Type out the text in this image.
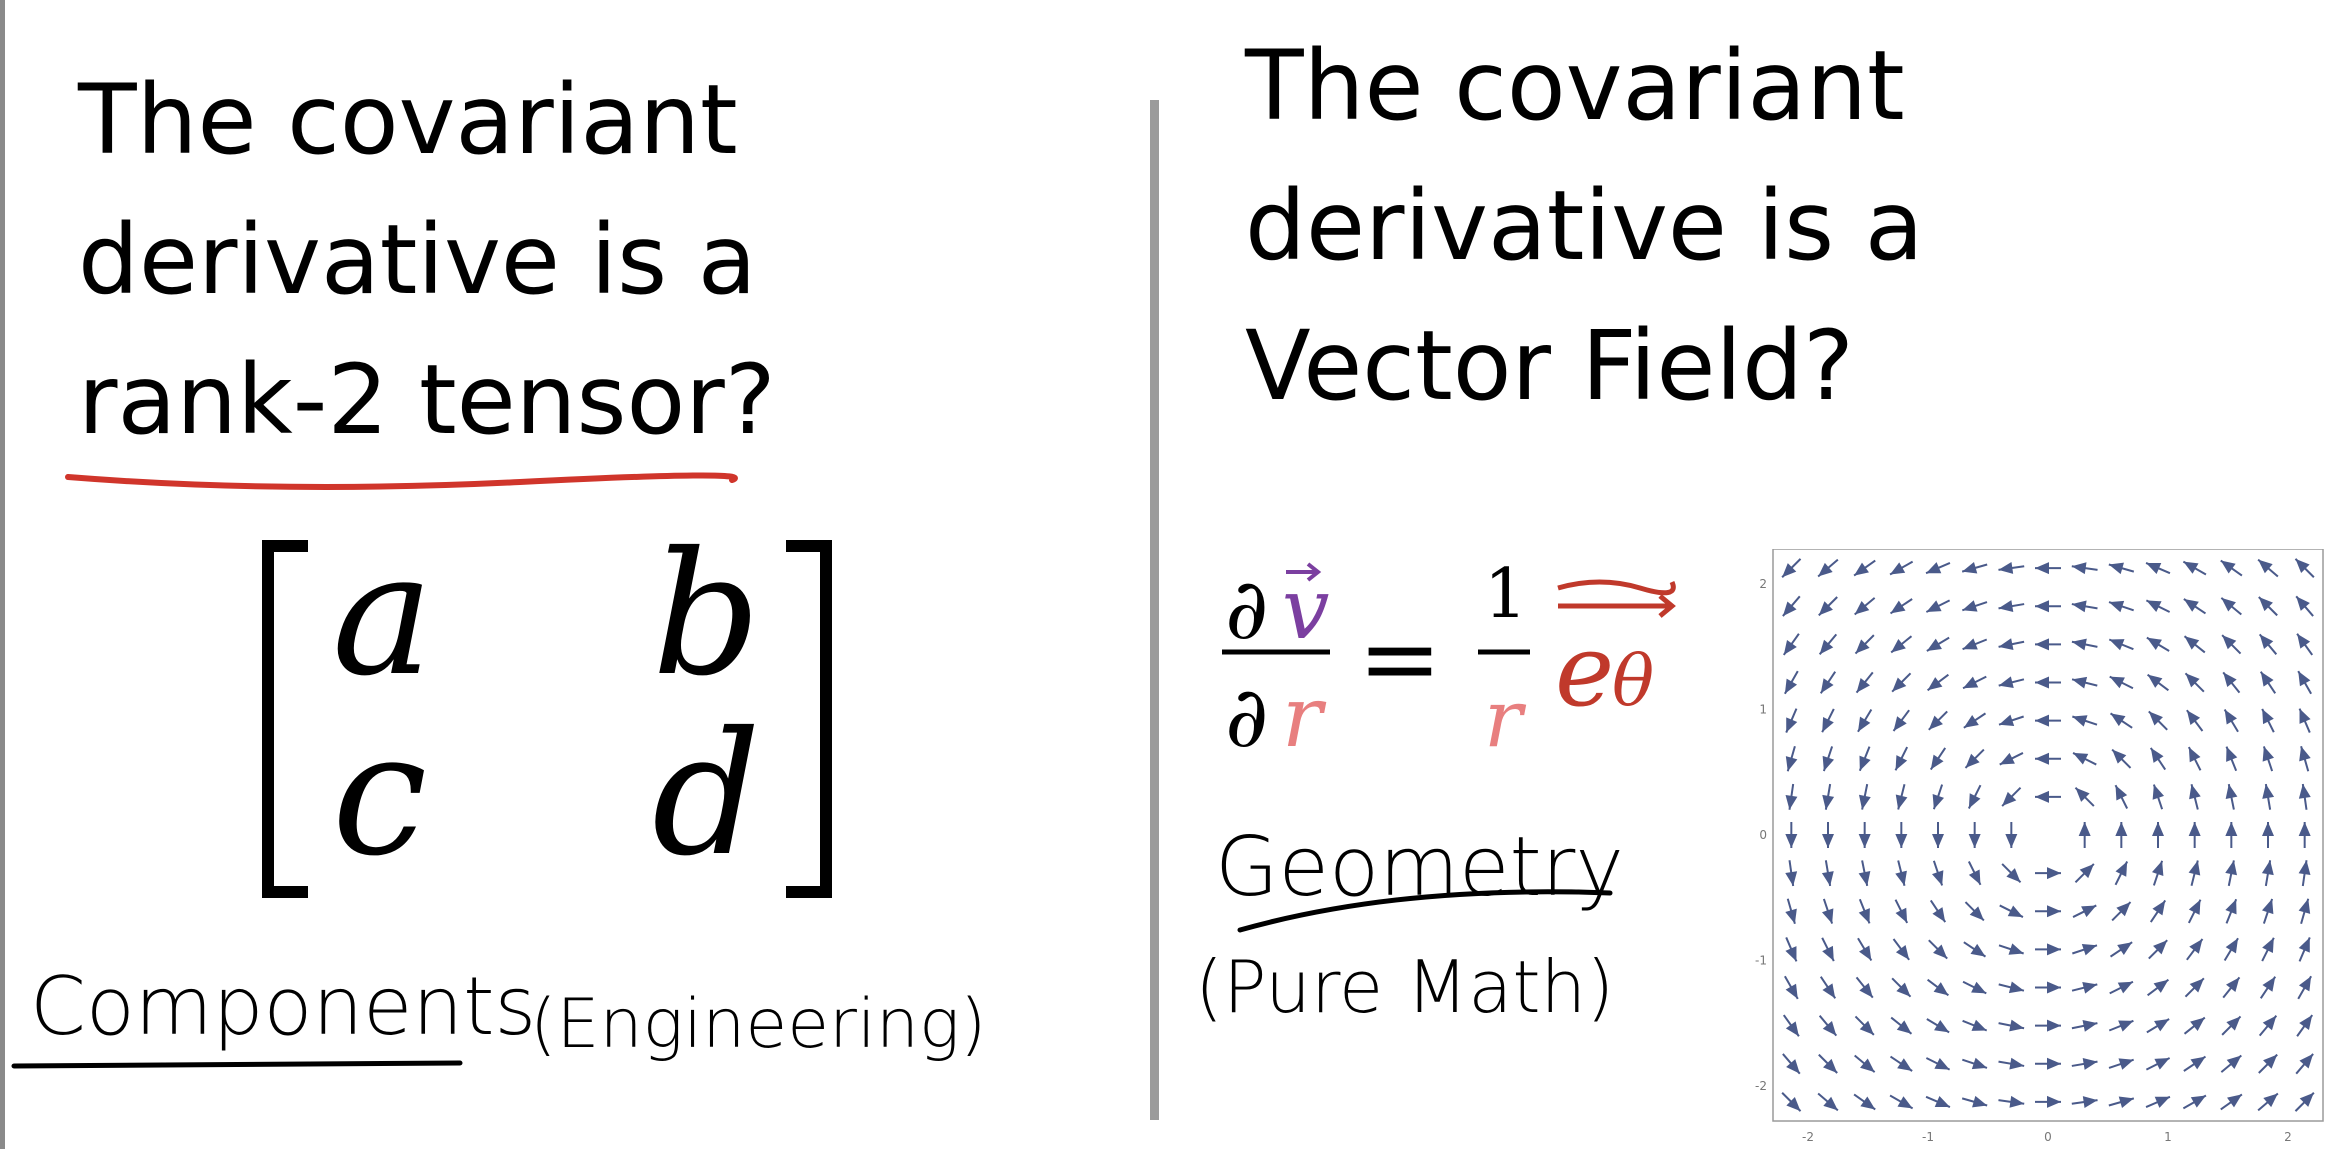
The covariant
derivative is a
rank-2 tensor?
a b
c d
Components
(Engineering)
The covariant
derivative is a
Vector Field?
∂ v
∂ r =
1
r e
θ
Geometry
(Pure Math)
-2	-1	0	1	2
2
1
0
-1
-2
